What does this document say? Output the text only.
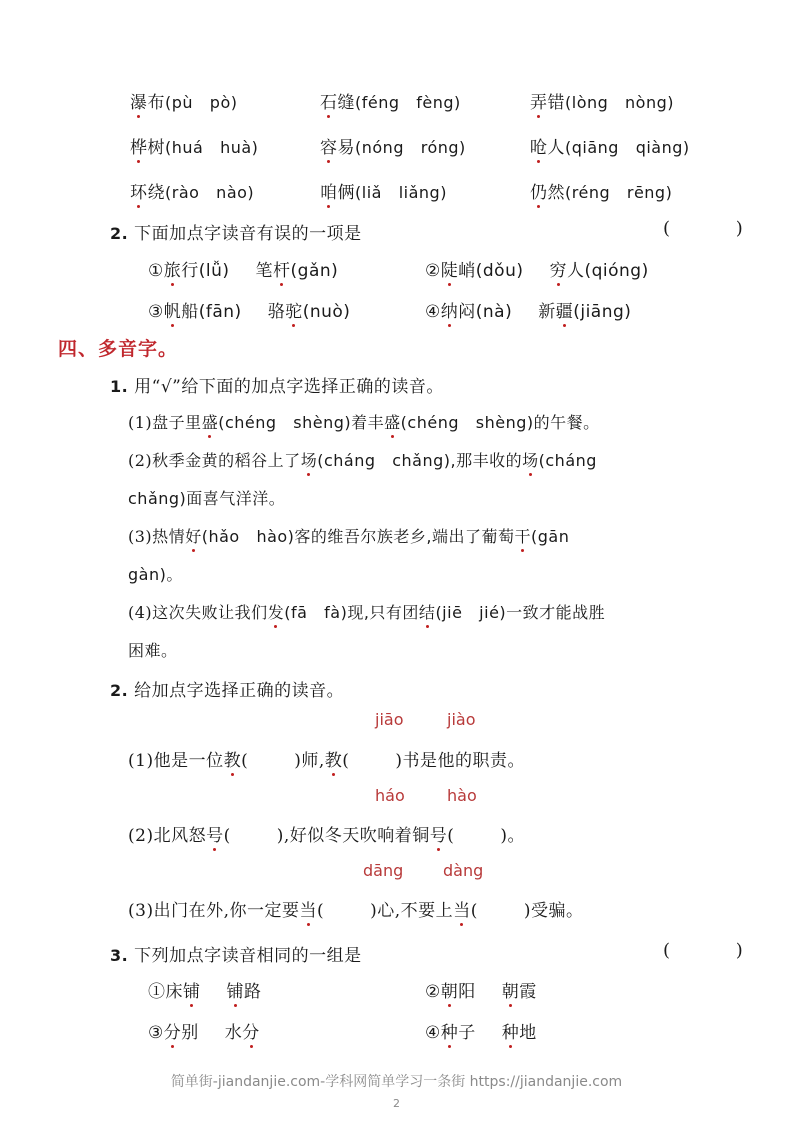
瀑布(pù   pò)	石缝(féng   fèng)	弄错(lòng   nòng)
桦树(huá   huà)	容易(nóng   róng)	呛人(qiāng   qiàng)
环绕(rào   nào)	咱俩(liǎ   liǎng)	仍然(réng   rēng)
2. 下面加点字读音有误的一项是	( )
①旅行(lǚ) 笔杆(gǎn)	②陡峭(dǒu) 穷人(qióng)
③帆船(fān) 骆驼(nuò)	④纳闷(nà) 新疆(jiāng)
四、多音字。
1. 用“√”给下面的加点字选择正确的读音。
(1)盘子里盛(chéng   shèng)着丰盛(chéng   shèng)的午餐。
(2)秋季金黄的稻谷上了场(cháng   chǎng),那丰收的场(cháng
chǎng)面喜气洋洋。
(3)热情好(hǎo   hào)客的维吾尔族老乡,端出了葡萄干(gān
gàn)。
(4)这次失败让我们发(fā   fà)现,只有团结(jiē   jié)一致才能战胜
困难。
2. 给加点字选择正确的读音。
jiāo	jiào
(1)他是一位教(	)师,教(	)书是他的职责。
háo	hào
(2)北风怒号(	),好似冬天吹响着铜号(	)。
dāng dàng
(3)出门在外,你一定要当(	)心,不要上当(	)受骗。
3. 下列加点字读音相同的一组是	( )
①床铺 铺路	②朝阳 朝霞
③分别 水分	④种子 种地
简单街-jiandanjie.com-学科网简单学习一条街 https://jiandanjie.com
2
